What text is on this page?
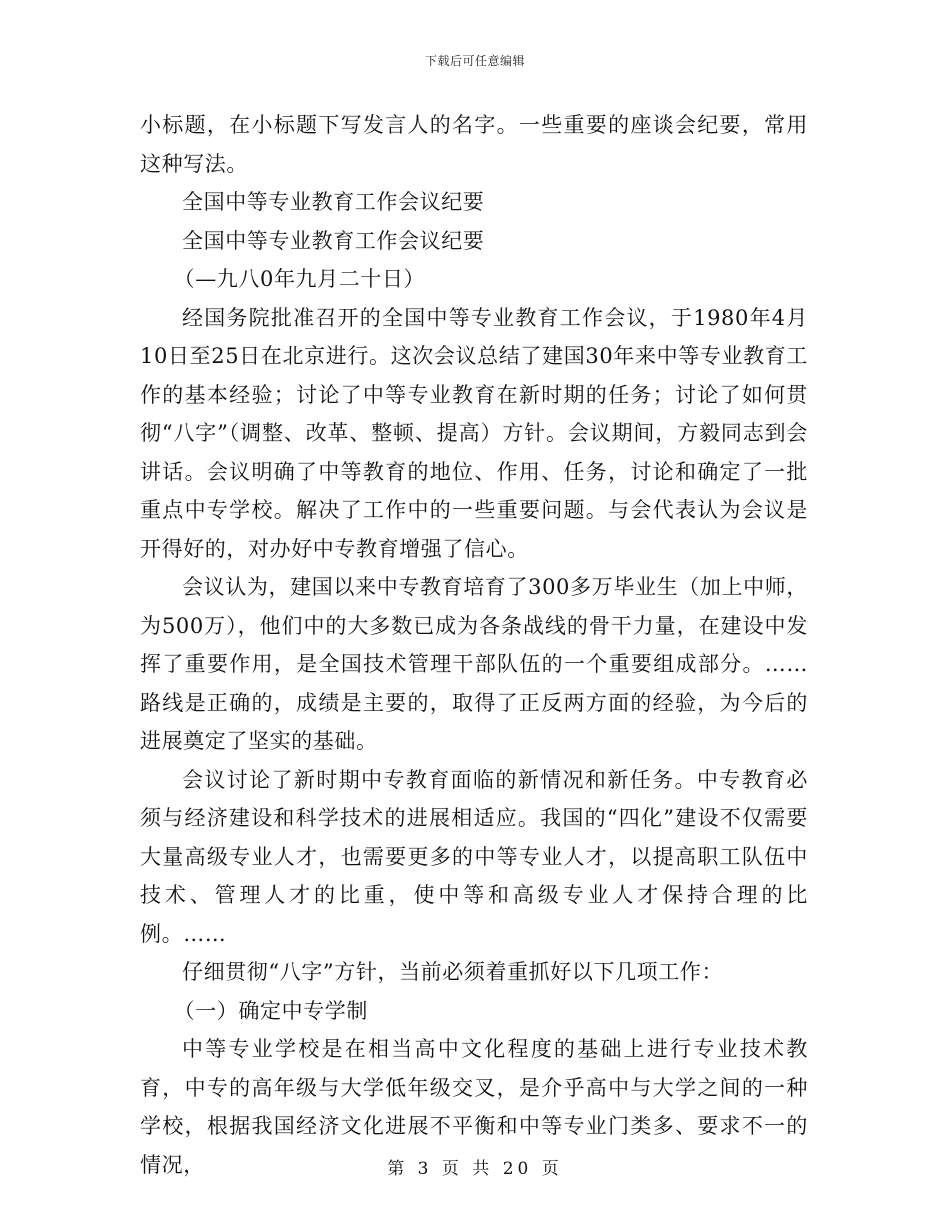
下载后可任意编辑

小标题，在小标题下写发言人的名字。一些重要的座谈会纪要，常用这种写法。

全国中等专业教育工作会议纪要

全国中等专业教育工作会议纪要

（—九八0年九月二十日）

经国务院批准召开的全国中等专业教育工作会议，于1980年4月10日至25日在北京进行。这次会议总结了建国30年来中等专业教育工作的基本经验；讨论了中等专业教育在新时期的任务；讨论了如何贯彻“八字”（调整、改革、整顿、提高）方针。会议期间，方毅同志到会讲话。会议明确了中等教育的地位、作用、任务，讨论和确定了一批重点中专学校。解决了工作中的一些重要问题。与会代表认为会议是开得好的，对办好中专教育增强了信心。

会议认为，建国以来中专教育培育了300多万毕业生（加上中师，为500万），他们中的大多数已成为各条战线的骨干力量，在建设中发挥了重要作用，是全国技术管理干部队伍的一个重要组成部分。……路线是正确的，成绩是主要的，取得了正反两方面的经验，为今后的进展奠定了坚实的基础。

会议讨论了新时期中专教育面临的新情况和新任务。中专教育必须与经济建设和科学技术的进展相适应。我国的“四化”建设不仅需要大量高级专业人才，也需要更多的中等专业人才，以提高职工队伍中技术、管理人才的比重，使中等和高级专业人才保持合理的比例。……

仔细贯彻“八字”方针，当前必须着重抓好以下几项工作：

（一）确定中专学制

中等专业学校是在相当高中文化程度的基础上进行专业技术教育，中专的高年级与大学低年级交叉，是介乎高中与大学之间的一种学校，根据我国经济文化进展不平衡和中等专业门类多、要求不一的情况，	第 3 页 共 20 页
